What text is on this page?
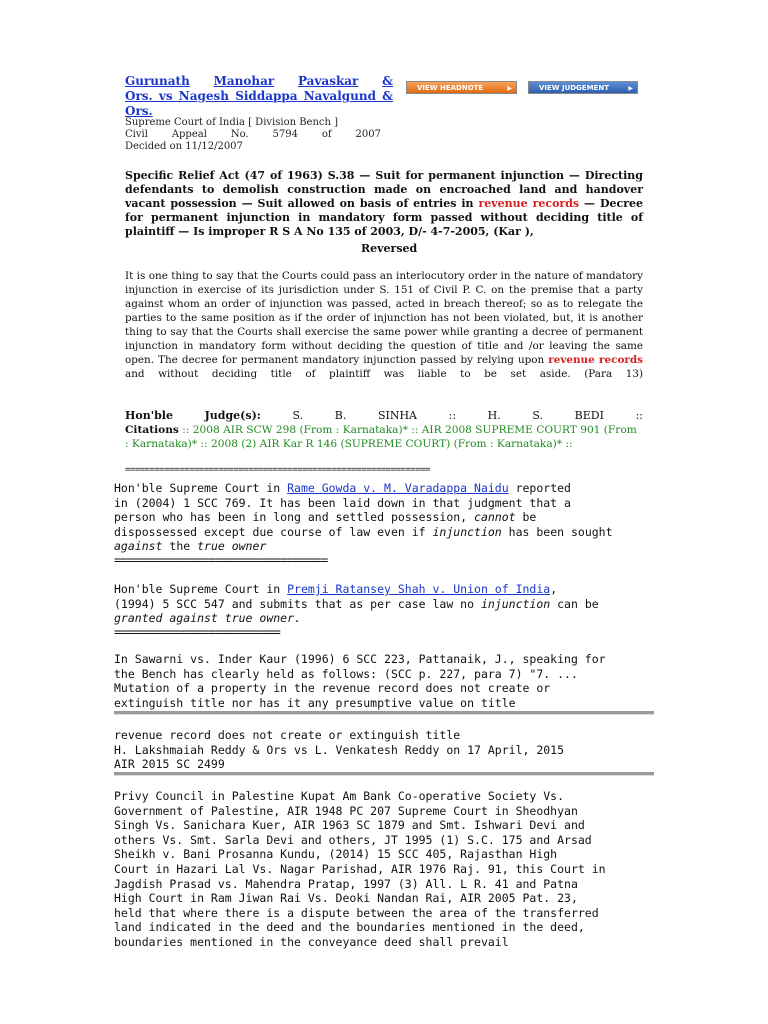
Gurunath Manohar Pavaskar &
Ors. vs Nagesh Siddappa Navalgund & Ors.
VIEW HEADNOTE	▶	VIEW JUDGEMENT	▶
Supreme Court of India [ Division Bench ]
Civil Appeal No. 5794 of 2007
Decided on 11/12/2007
Specific Relief Act (47 of 1963) S.38 — Suit for permanent injunction — Directing defendants to demolish construction made on encroached land and handover vacant possession — Suit allowed on basis of entries in revenue records — Decree for permanent injunction in mandatory form passed without deciding title of plaintiff — Is improper R S A No 135 of 2003, D/- 4-7-2005, (Kar ),
Reversed
It is one thing to say that the Courts could pass an interlocutory order in the nature of mandatory injunction in exercise of its jurisdiction under S. 151 of Civil P. C. on the premise that a party against whom an order of injunction was passed, acted in breach thereof; so as to relegate the parties to the same position as if the order of injunction has not been violated, but, it is another thing to say that the Courts shall exercise the same power while granting a decree of permanent injunction in mandatory form without deciding the question of title and /or leaving the same open. The decree for permanent mandatory injunction passed by relying upon revenue records and without deciding title of plaintiff was liable to be set aside. (Para 13)
Hon'ble	Judge(s):	S.	B.	SINHA	::	H.	S.	BEDI	::
Citations :: 2008 AIR SCW 298 (From : Karnataka)* :: AIR 2008 SUPREME COURT 901 (From : Karnataka)* :: 2008 (2) AIR Kar R 146 (SUPREME COURT) (From : Karnataka)* ::
==============================================================
Hon'ble Supreme Court in Rame Gowda v. M. Varadappa Naidu reported
in (2004) 1 SCC 769. It has been laid down in that judgment that a
person who has been in long and settled possession, cannot be
dispossessed except due course of law even if injunction has been sought
against the true owner
====================================
Hon'ble Supreme Court in Premji Ratansey Shah v. Union of India,
(1994) 5 SCC 547 and submits that as per case law no injunction can be
granted against true owner.
============================
In Sawarni vs. Inder Kaur (1996) 6 SCC 223, Pattanaik, J., speaking for
the Bench has clearly held as follows: (SCC p. 227, para 7) "7. ...
Mutation of a property in the revenue record does not create or
extinguish title nor has it any presumptive value on title
revenue record does not create or extinguish title
H. Lakshmaiah Reddy & Ors vs L. Venkatesh Reddy on 17 April, 2015
AIR 2015 SC 2499
Privy Council in Palestine Kupat Am Bank Co-operative Society Vs.
Government of Palestine, AIR 1948 PC 207 Supreme Court in Sheodhyan
Singh Vs. Sanichara Kuer, AIR 1963 SC 1879 and Smt. Ishwari Devi and
others Vs. Smt. Sarla Devi and others, JT 1995 (1) S.C. 175 and Arsad
Sheikh v. Bani Prosanna Kundu, (2014) 15 SCC 405, Rajasthan High
Court in Hazari Lal Vs. Nagar Parishad, AIR 1976 Raj. 91, this Court in
Jagdish Prasad vs. Mahendra Pratap, 1997 (3) All. L R. 41 and Patna
High Court in Ram Jiwan Rai Vs. Deoki Nandan Rai, AIR 2005 Pat. 23,
held that where there is a dispute between the area of the transferred
land indicated in the deed and the boundaries mentioned in the deed,
boundaries mentioned in the conveyance deed shall prevail
